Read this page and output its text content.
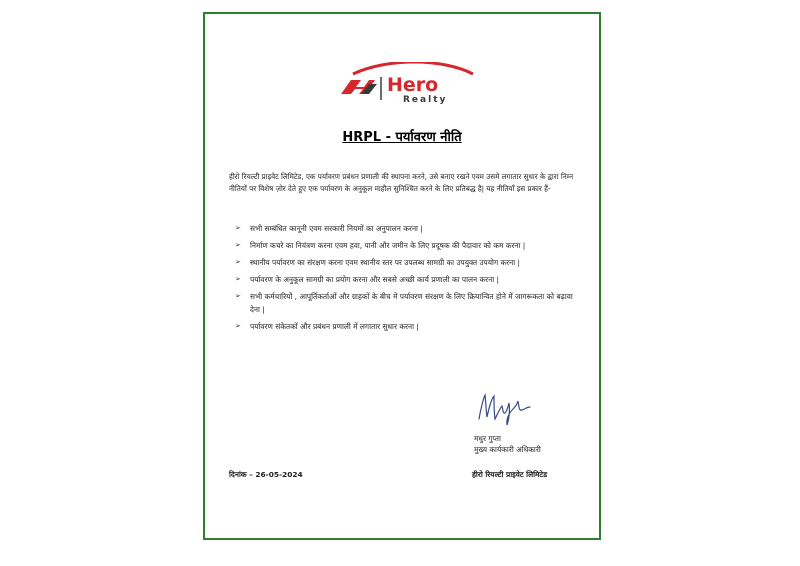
Hero
Realty
HRPL - पर्यावरण नीति
हीरो रियल्टी प्राइवेट लिमिटेड, एक पर्यावरण प्रबंधन प्रणाली की स्थापना करने, उसे बनाए रखने एवम उसमे लगातार सुधार के द्वारा निम्न नीतियों पर विशेष ज़ोर देते हुए एक पर्यावरण के अनुकूल माहौल सुनिश्चित करने के लिए प्रतिबद्ध है| यह नीतियाँ इस प्रकार हैं-
➢ सभी सम्बंधित कानूनी एवम सरकारी नियमों का अनुपालन करना |
➢ निर्माण कचरे का नियंत्रण करना एवम हवा, पानी और जमीन के लिए प्रदूषक की पैदावार को कम करना |
➢ स्थानीय पर्यावरण का संरक्षण करना एवम स्थानीय स्तर पर उपलब्ध सामग्री का उपयुक्त उपयोग करना |
➢ पर्यावरण के अनुकूल सामग्री का प्रयोग करना और सबसे अच्छी कार्य प्रणाली का पालन करना |
➢ सभी कर्मचारियों , आपूर्तिकर्ताओं और ग्राहकों के बीच में पर्यावरण संरक्षण के लिए क्रियान्वित होने में जागरूकता को बढ़ावा देना |
➢ पर्यावरण संकेतकों और प्रबंधन प्रणाली में लगातार सुधार करना |
मधुर गुप्ता
मुख्य कार्यकारी अधिकारी
दिनांक – 26-05-2024	हीरो रियल्टी प्राइवेट लिमिटेड
